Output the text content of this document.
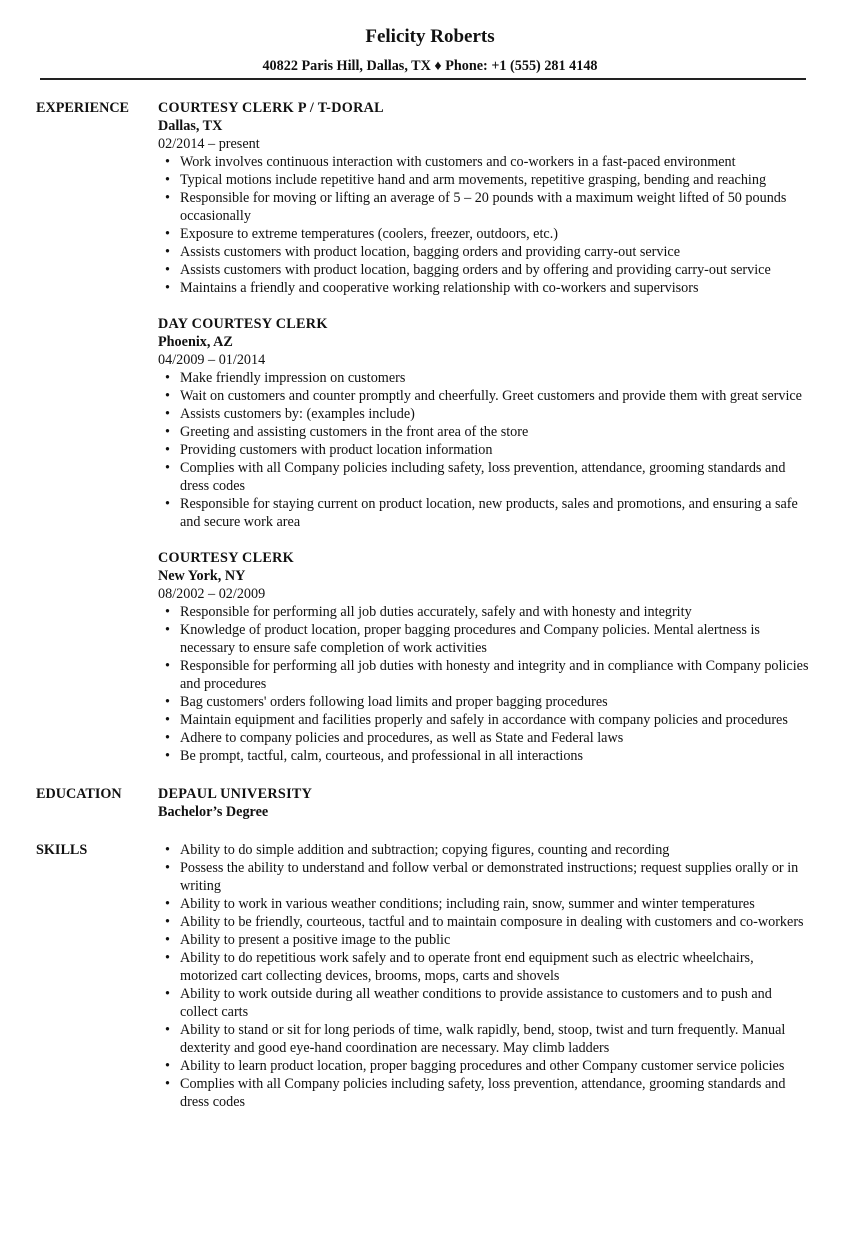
Felicity Roberts
40822 Paris Hill, Dallas, TX ♦ Phone: +1 (555) 281 4148
EXPERIENCE COURTESY CLERK P / T-DORAL
Dallas, TX
02/2014 – present
• Work involves continuous interaction with customers and co-workers in a fast-paced environment
• Typical motions include repetitive hand and arm movements, repetitive grasping, bending and reaching
• Responsible for moving or lifting an average of 5 – 20 pounds with a maximum weight lifted of 50 pounds occasionally
• Exposure to extreme temperatures (coolers, freezer, outdoors, etc.)
• Assists customers with product location, bagging orders and providing carry-out service
• Assists customers with product location, bagging orders and by offering and providing carry-out service
• Maintains a friendly and cooperative working relationship with co-workers and supervisors
DAY COURTESY CLERK
Phoenix, AZ
04/2009 – 01/2014
• Make friendly impression on customers
• Wait on customers and counter promptly and cheerfully. Greet customers and provide them with great service
• Assists customers by: (examples include)
• Greeting and assisting customers in the front area of the store
• Providing customers with product location information
• Complies with all Company policies including safety, loss prevention, attendance, grooming standards and dress codes
• Responsible for staying current on product location, new products, sales and promotions, and ensuring a safe and secure work area
COURTESY CLERK
New York, NY
08/2002 – 02/2009
• Responsible for performing all job duties accurately, safely and with honesty and integrity
• Knowledge of product location, proper bagging procedures and Company policies. Mental alertness is necessary to ensure safe completion of work activities
• Responsible for performing all job duties with honesty and integrity and in compliance with Company policies and procedures
• Bag customers' orders following load limits and proper bagging procedures
• Maintain equipment and facilities properly and safely in accordance with company policies and procedures
• Adhere to company policies and procedures, as well as State and Federal laws
• Be prompt, tactful, calm, courteous, and professional in all interactions
EDUCATION	DEPAUL UNIVERSITY
Bachelor’s Degree
SKILLS	• Ability to do simple addition and subtraction; copying figures, counting and recording
• Possess the ability to understand and follow verbal or demonstrated instructions; request supplies orally or in writing
• Ability to work in various weather conditions; including rain, snow, summer and winter temperatures
• Ability to be friendly, courteous, tactful and to maintain composure in dealing with customers and co-workers
• Ability to present a positive image to the public
• Ability to do repetitious work safely and to operate front end equipment such as electric wheelchairs, motorized cart collecting devices, brooms, mops, carts and shovels
• Ability to work outside during all weather conditions to provide assistance to customers and to push and collect carts
• Ability to stand or sit for long periods of time, walk rapidly, bend, stoop, twist and turn frequently. Manual dexterity and good eye-hand coordination are necessary. May climb ladders
• Ability to learn product location, proper bagging procedures and other Company customer service policies
• Complies with all Company policies including safety, loss prevention, attendance, grooming standards and dress codes
